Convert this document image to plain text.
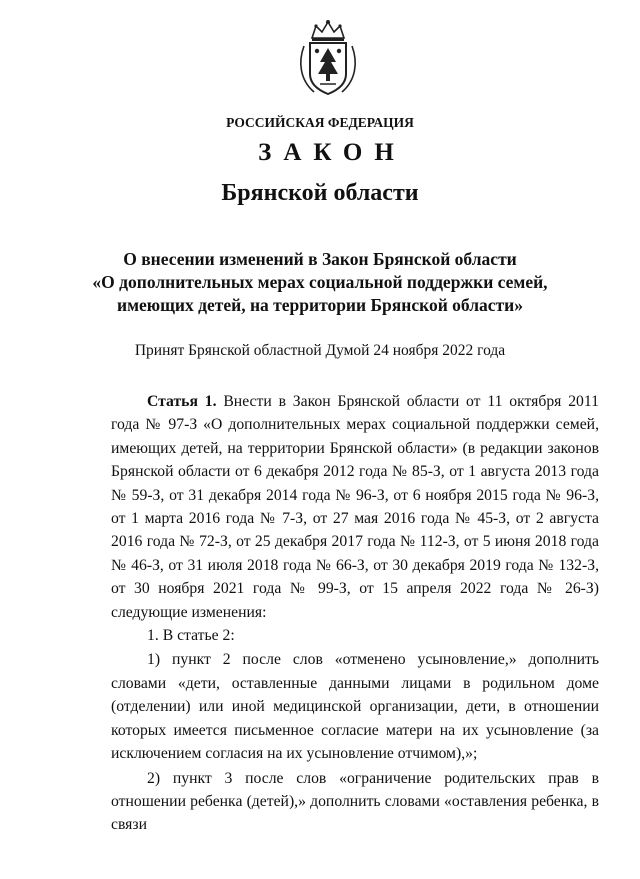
РОССИЙСКАЯ ФЕДЕРАЦИЯ
ЗАКОН
Брянской области
О внесении изменений в Закон Брянской области
«О дополнительных мерах социальной поддержки семей,
имеющих детей, на территории Брянской области»
Принят Брянской областной Думой 24 ноября 2022 года

Статья 1. Внести в Закон Брянской области от 11 октября 2011 года № 97-З «О дополнительных мерах социальной поддержки семей, имеющих детей, на территории Брянской области» (в редакции законов Брянской области от 6 декабря 2012 года № 85-З, от 1 августа 2013 года № 59-З, от 31 декабря 2014 года № 96-З, от 6 ноября 2015 года № 96-З, от 1 марта 2016 года № 7-З, от 27 мая 2016 года № 45-З, от 2 августа 2016 года № 72-З, от 25 декабря 2017 года № 112-З, от 5 июня 2018 года № 46-З, от 31 июля 2018 года № 66-З, от 30 декабря 2019 года № 132-З, от 30 ноября 2021 года № 99-З, от 15 апреля 2022 года № 26-З) следующие изменения:

1. В статье 2:

1) пункт 2 после слов «отменено усыновление,» дополнить словами «дети, оставленные данными лицами в родильном доме (отделении) или иной медицинской организации, дети, в отношении которых имеется письменное согласие матери на их усыновление (за исключением согласия на их усыновление отчимом),»;

2) пункт 3 после слов «ограничение родительских прав в отношении ребенка (детей),» дополнить словами «оставления ребенка, в связи
